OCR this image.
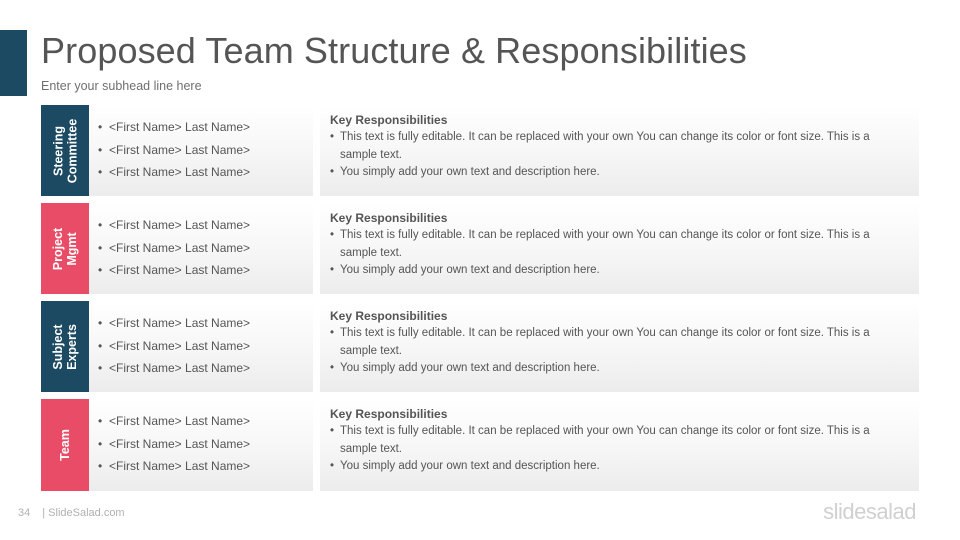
Proposed Team Structure & Responsibilities
Enter your subhead line here
Steering Committee
•	<First Name> Last Name>
• <First Name> Last Name>
• <First Name> Last Name>
Key Responsibilities
• This text is fully editable. It can be replaced with your own You can change its color or font size. This is a sample text.
• You simply add your own text and description here.
Project Mgmt
• <First Name> Last Name>
• <First Name> Last Name>
• <First Name> Last Name>
Key Responsibilities
• This text is fully editable. It can be replaced with your own You can change its color or font size. This is a sample text.
• You simply add your own text and description here.
Subject Experts
• <First Name> Last Name>
• <First Name> Last Name>
• <First Name> Last Name>
Key Responsibilities
• This text is fully editable. It can be replaced with your own You can change its color or font size. This is a sample text.
• You simply add your own text and description here.
Team
• <First Name> Last Name>
• <First Name> Last Name>
• <First Name> Last Name>
Key Responsibilities
• This text is fully editable. It can be replaced with your own You can change its color or font size. This is a sample text.
• You simply add your own text and description here.
34 | SlideSalad.com	slidesalad
